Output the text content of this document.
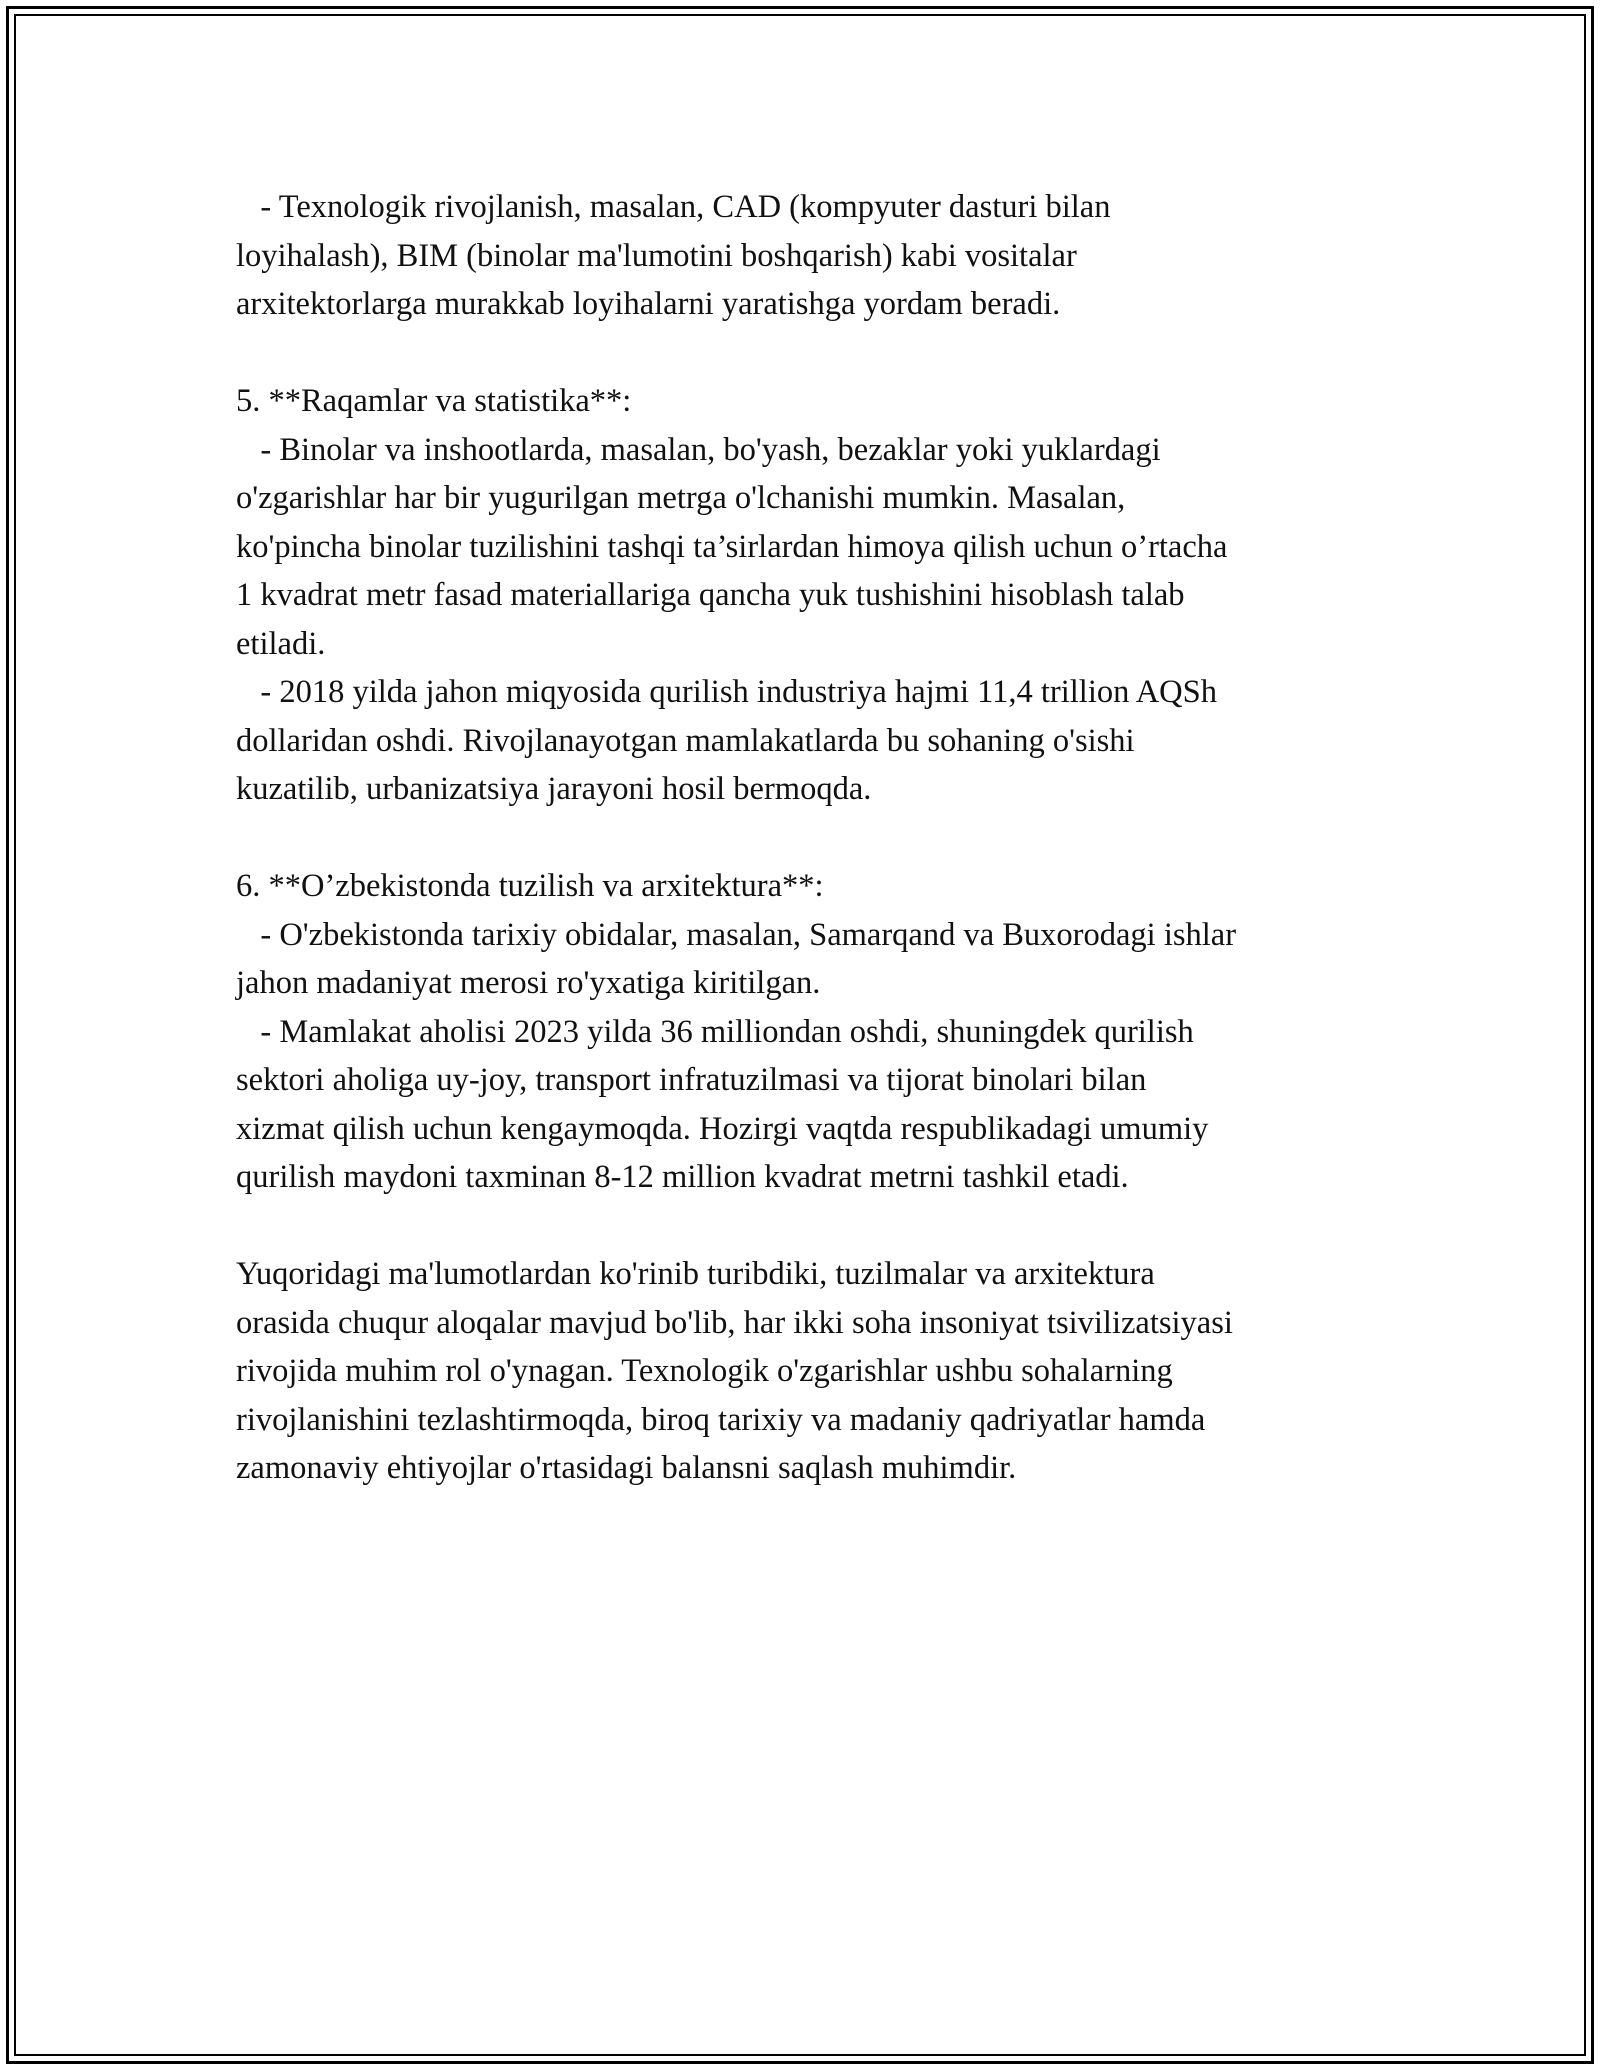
- Texnologik rivojlanish, masalan, CAD (kompyuter dasturi bilan
loyihalash), BIM (binolar ma'lumotini boshqarish) kabi vositalar
arxitektorlarga murakkab loyihalarni yaratishga yordam beradi.
5. **Raqamlar va statistika**:
- Binolar va inshootlarda, masalan, bo'yash, bezaklar yoki yuklardagi
o'zgarishlar har bir yugurilgan metrga o'lchanishi mumkin. Masalan,
ko'pincha binolar tuzilishini tashqi ta’sirlardan himoya qilish uchun o’rtacha
1 kvadrat metr fasad materiallariga qancha yuk tushishini hisoblash talab
etiladi.
- 2018 yilda jahon miqyosida qurilish industriya hajmi 11,4 trillion AQSh
dollaridan oshdi. Rivojlanayotgan mamlakatlarda bu sohaning o'sishi
kuzatilib, urbanizatsiya jarayoni hosil bermoqda.
6. **O’zbekistonda tuzilish va arxitektura**:
- O'zbekistonda tarixiy obidalar, masalan, Samarqand va Buxorodagi ishlar
jahon madaniyat merosi ro'yxatiga kiritilgan.
- Mamlakat aholisi 2023 yilda 36 milliondan oshdi, shuningdek qurilish
sektori aholiga uy-joy, transport infratuzilmasi va tijorat binolari bilan
xizmat qilish uchun kengaymoqda. Hozirgi vaqtda respublikadagi umumiy
qurilish maydoni taxminan 8-12 million kvadrat metrni tashkil etadi.
Yuqoridagi ma'lumotlardan ko'rinib turibdiki, tuzilmalar va arxitektura
orasida chuqur aloqalar mavjud bo'lib, har ikki soha insoniyat tsivilizatsiyasi
rivojida muhim rol o'ynagan. Texnologik o'zgarishlar ushbu sohalarning
rivojlanishini tezlashtirmoqda, biroq tarixiy va madaniy qadriyatlar hamda
zamonaviy ehtiyojlar o'rtasidagi balansni saqlash muhimdir.
